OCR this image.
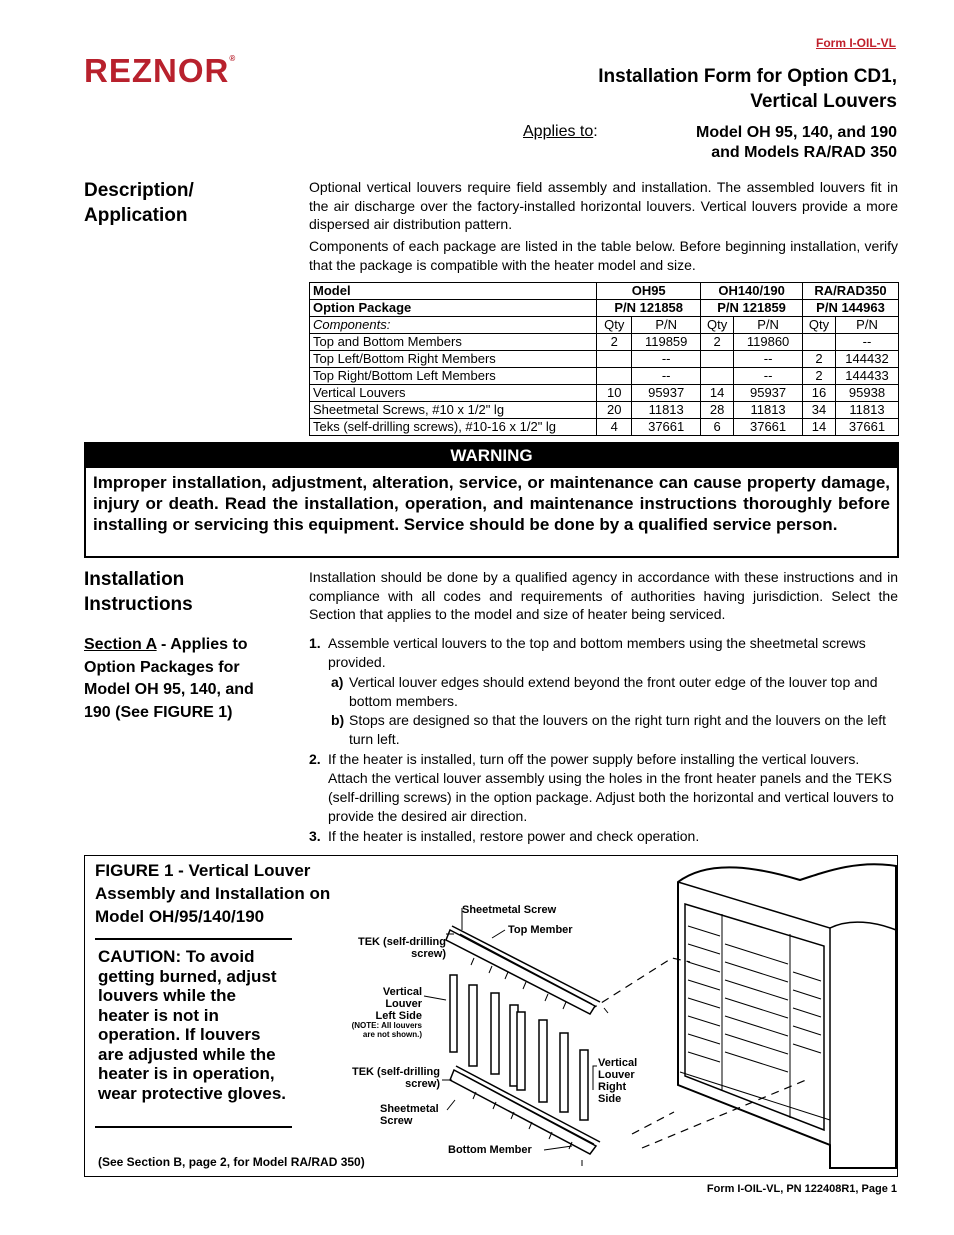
Form I-OIL-VL
REZNOR®
Installation Form for Option CD1,
Vertical Louvers
Applies to:	Model OH 95, 140, and 190
and Models RA/RAD 350
Description/
Application
Optional vertical louvers require field assembly and installation. The assembled louvers fit in the air discharge over the factory-installed horizontal louvers. Vertical louvers provide a more dispersed air distribution pattern.
Components of each package are listed in the table below. Before beginning installation, verify that the package is compatible with the heater model and size.
Model	OH95		OH140/190		RA/RAD350	
Option Package	P/N 121858		P/N 121859		P/N 144963	
Components:	Qty	P/N	Qty	P/N	Qty	P/N
Top and Bottom Members	2	119859	2	119860		--
Top Left/Bottom Right Members		--		--	2	144432
Top Right/Bottom Left Members		--		--	2	144433
Vertical Louvers	10	95937	14	95937	16	95938
Sheetmetal Screws, #10 x 1/2" lg	20	11813	28	11813	34	11813
Teks (self-drilling screws), #10-16 x 1/2" lg	4	37661	6	37661	14	37661
WARNING
Improper installation, adjustment, alteration, service, or maintenance can cause property damage, injury or death. Read the installation, operation, and maintenance instructions thoroughly before installing or servicing this equipment. Service should be done by a qualified service person.
Installation
Instructions
Installation should be done by a qualified agency in accordance with these instructions and in compliance with all codes and requirements of authorities having jurisdiction. Select the Section that applies to the model and size of heater being serviced.
Section A - Applies to Option Packages for Model OH 95, 140, and 190 (See FIGURE 1)
1. Assemble vertical louvers to the top and bottom members using the sheetmetal screws provided.
a) Vertical louver edges should extend beyond the front outer edge of the louver top and bottom members.
b) Stops are designed so that the louvers on the right turn right and the louvers on the left turn left.
2. If the heater is installed, turn off the power supply before installing the vertical louvers. Attach the vertical louver assembly using the holes in the front heater panels and the TEKS (self-drilling screws) in the option package. Adjust both the horizontal and vertical louvers to provide the desired air direction.
3. If the heater is installed, restore power and check operation.
FIGURE 1 - Vertical Louver Assembly and Installation on Model OH/95/140/190
CAUTION: To avoid getting burned, adjust louvers while the heater is not in operation. If louvers are adjusted while the heater is in operation, wear protective gloves.
(See Section B, page 2, for Model RA/RAD 350)
Sheetmetal Screw
Top Member
TEK (self-drilling
screw)
Vertical
Louver
Left Side
(NOTE: All louvers
are not shown.)
TEK (self-drilling
screw)
Sheetmetal
Screw
Bottom Member
Vertical
Louver
Right
Side
Form I-OIL-VL, PN 122408R1, Page 1
